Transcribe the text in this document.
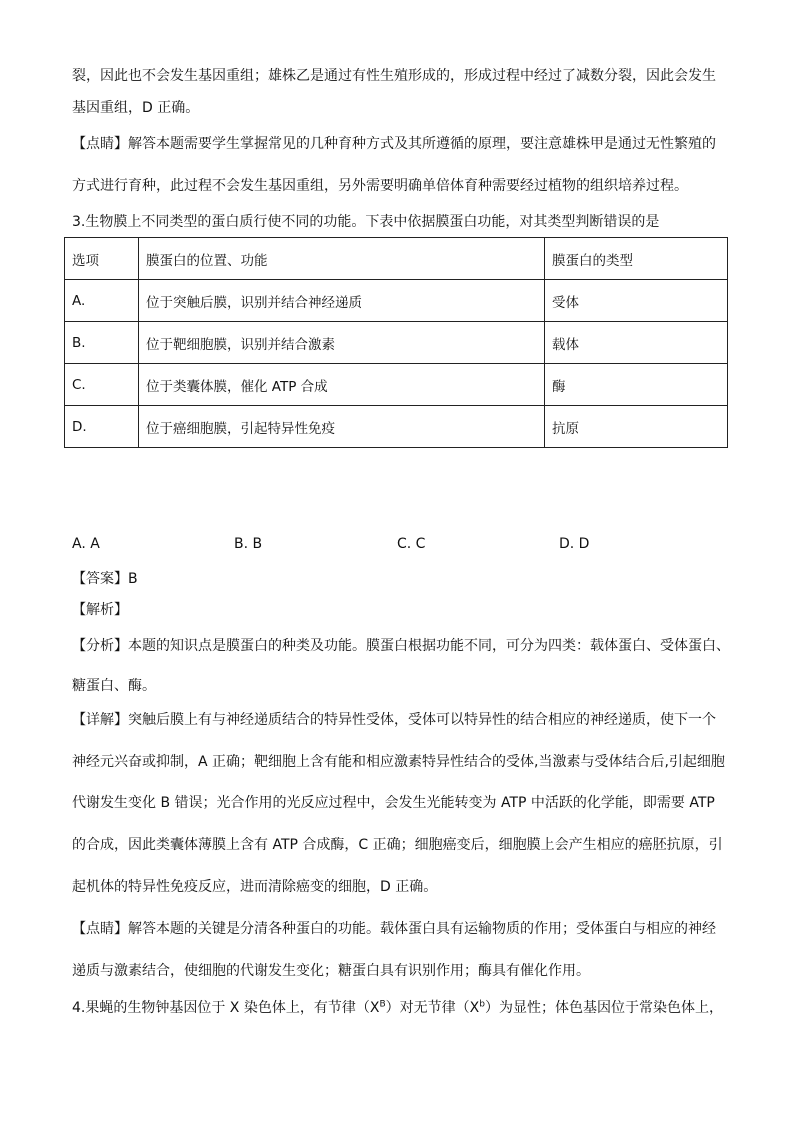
裂，因此也不会发生基因重组；雄株乙是通过有性生殖形成的，形成过程中经过了减数分裂，因此会发生
基因重组，D 正确。
【点睛】解答本题需要学生掌握常见的几种育种方式及其所遵循的原理，要注意雄株甲是通过无性繁殖的
方式进行育种，此过程不会发生基因重组，另外需要明确单倍体育种需要经过植物的组织培养过程。
3.生物膜上不同类型的蛋白质行使不同的功能。下表中依据膜蛋白功能，对其类型判断错误的是
选项	膜蛋白的位置、功能	膜蛋白的类型
A.	位于突触后膜，识别并结合神经递质	受体
B.	位于靶细胞膜，识别并结合激素	载体
C.	位于类囊体膜，催化 ATP 合成	酶
D.	位于癌细胞膜，引起特异性免疫	抗原
A. A	B. B	C. C	D. D
【答案】B
【解析】
【分析】本题的知识点是膜蛋白的种类及功能。膜蛋白根据功能不同，可分为四类：载体蛋白、受体蛋白、
糖蛋白、酶。
【详解】突触后膜上有与神经递质结合的特异性受体，受体可以特异性的结合相应的神经递质，使下一个
神经元兴奋或抑制，A 正确；靶细胞上含有能和相应激素特异性结合的受体,当激素与受体结合后,引起细胞
代谢发生变化 B 错误；光合作用的光反应过程中，会发生光能转变为 ATP 中活跃的化学能，即需要 ATP
的合成，因此类囊体薄膜上含有 ATP 合成酶，C 正确；细胞癌变后，细胞膜上会产生相应的癌胚抗原，引
起机体的特异性免疫反应，进而清除癌变的细胞，D 正确。
【点睛】解答本题的关键是分清各种蛋白的功能。载体蛋白具有运输物质的作用；受体蛋白与相应的神经
递质与激素结合，使细胞的代谢发生变化；糖蛋白具有识别作用；酶具有催化作用。
4.果蝇的生物钟基因位于 X 染色体上，有节律$(X^B)$对无节律$(X^b)$为显性；体色基因位于常染色体上，
